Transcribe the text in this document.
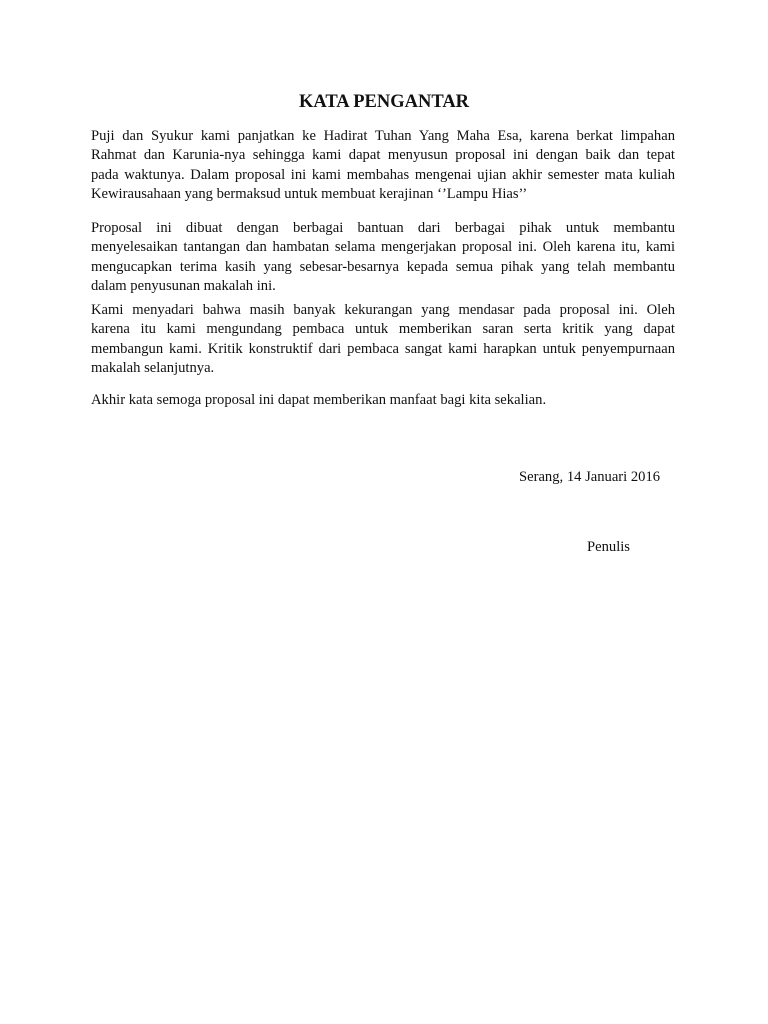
KATA PENGANTAR
Puji dan Syukur kami panjatkan ke Hadirat Tuhan Yang Maha Esa, karena berkat limpahan
Rahmat dan Karunia-nya sehingga kami dapat menyusun proposal ini dengan baik dan tepat
pada waktunya. Dalam proposal ini kami membahas mengenai ujian akhir semester mata kuliah
Kewirausahaan yang bermaksud untuk membuat kerajinan ‘’Lampu Hias’’
Proposal ini dibuat dengan berbagai bantuan dari berbagai pihak untuk membantu
menyelesaikan tantangan dan hambatan selama mengerjakan proposal ini. Oleh karena itu, kami
mengucapkan terima kasih yang sebesar-besarnya kepada semua pihak yang telah membantu
dalam penyusunan makalah ini.
Kami menyadari bahwa masih banyak kekurangan yang mendasar pada proposal ini. Oleh
karena itu kami mengundang pembaca untuk memberikan saran serta kritik yang dapat
membangun kami. Kritik konstruktif dari pembaca sangat kami harapkan untuk penyempurnaan
makalah selanjutnya.
Akhir kata semoga proposal ini dapat memberikan manfaat bagi kita sekalian.
Serang, 14 Januari 2016
Penulis
